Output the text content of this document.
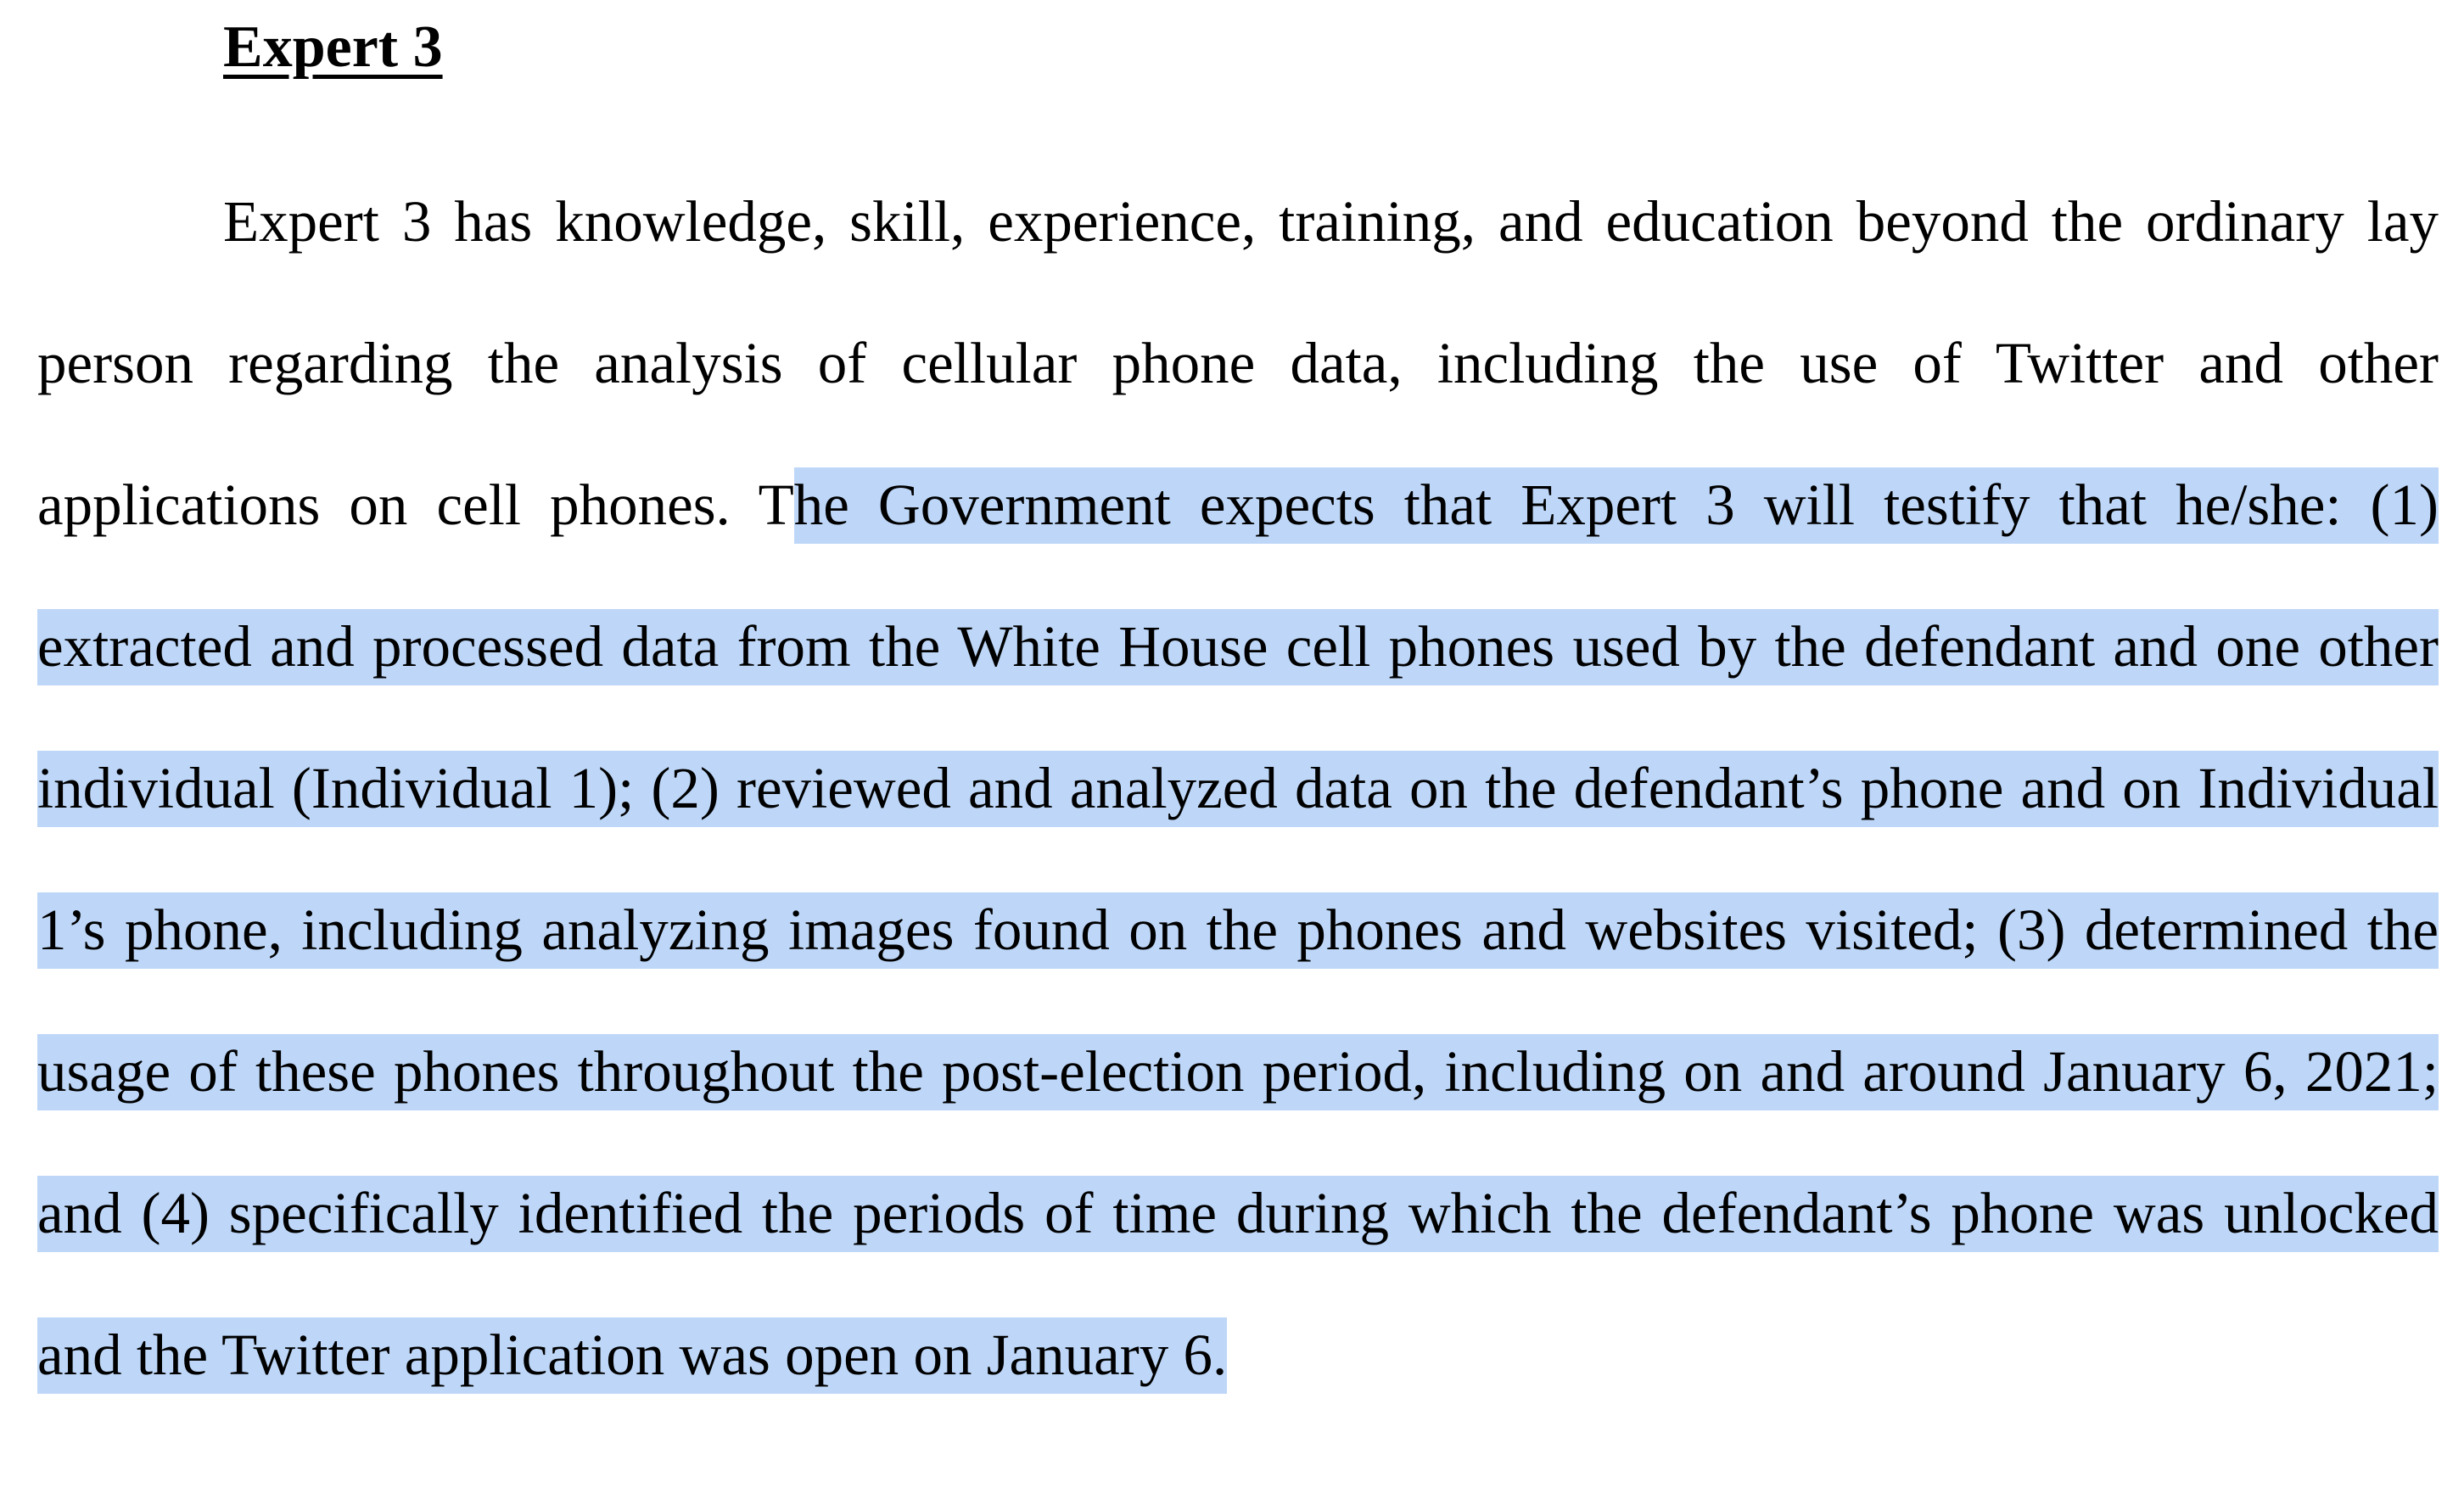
Expert 3

Expert 3 has knowledge, skill, experience, training, and education beyond the ordinary lay person regarding the analysis of cellular phone data, including the use of Twitter and other applications on cell phones. The Government expects that Expert 3 will testify that he/she: (1) extracted and processed data from the White House cell phones used by the defendant and one other individual (Individual 1); (2) reviewed and analyzed data on the defendant’s phone and on Individual 1’s phone, including analyzing images found on the phones and websites visited; (3) determined the usage of these phones throughout the post-election period, including on and around January 6, 2021; and (4) specifically identified the periods of time during which the defendant’s phone was unlocked and the Twitter application was open on January 6.
